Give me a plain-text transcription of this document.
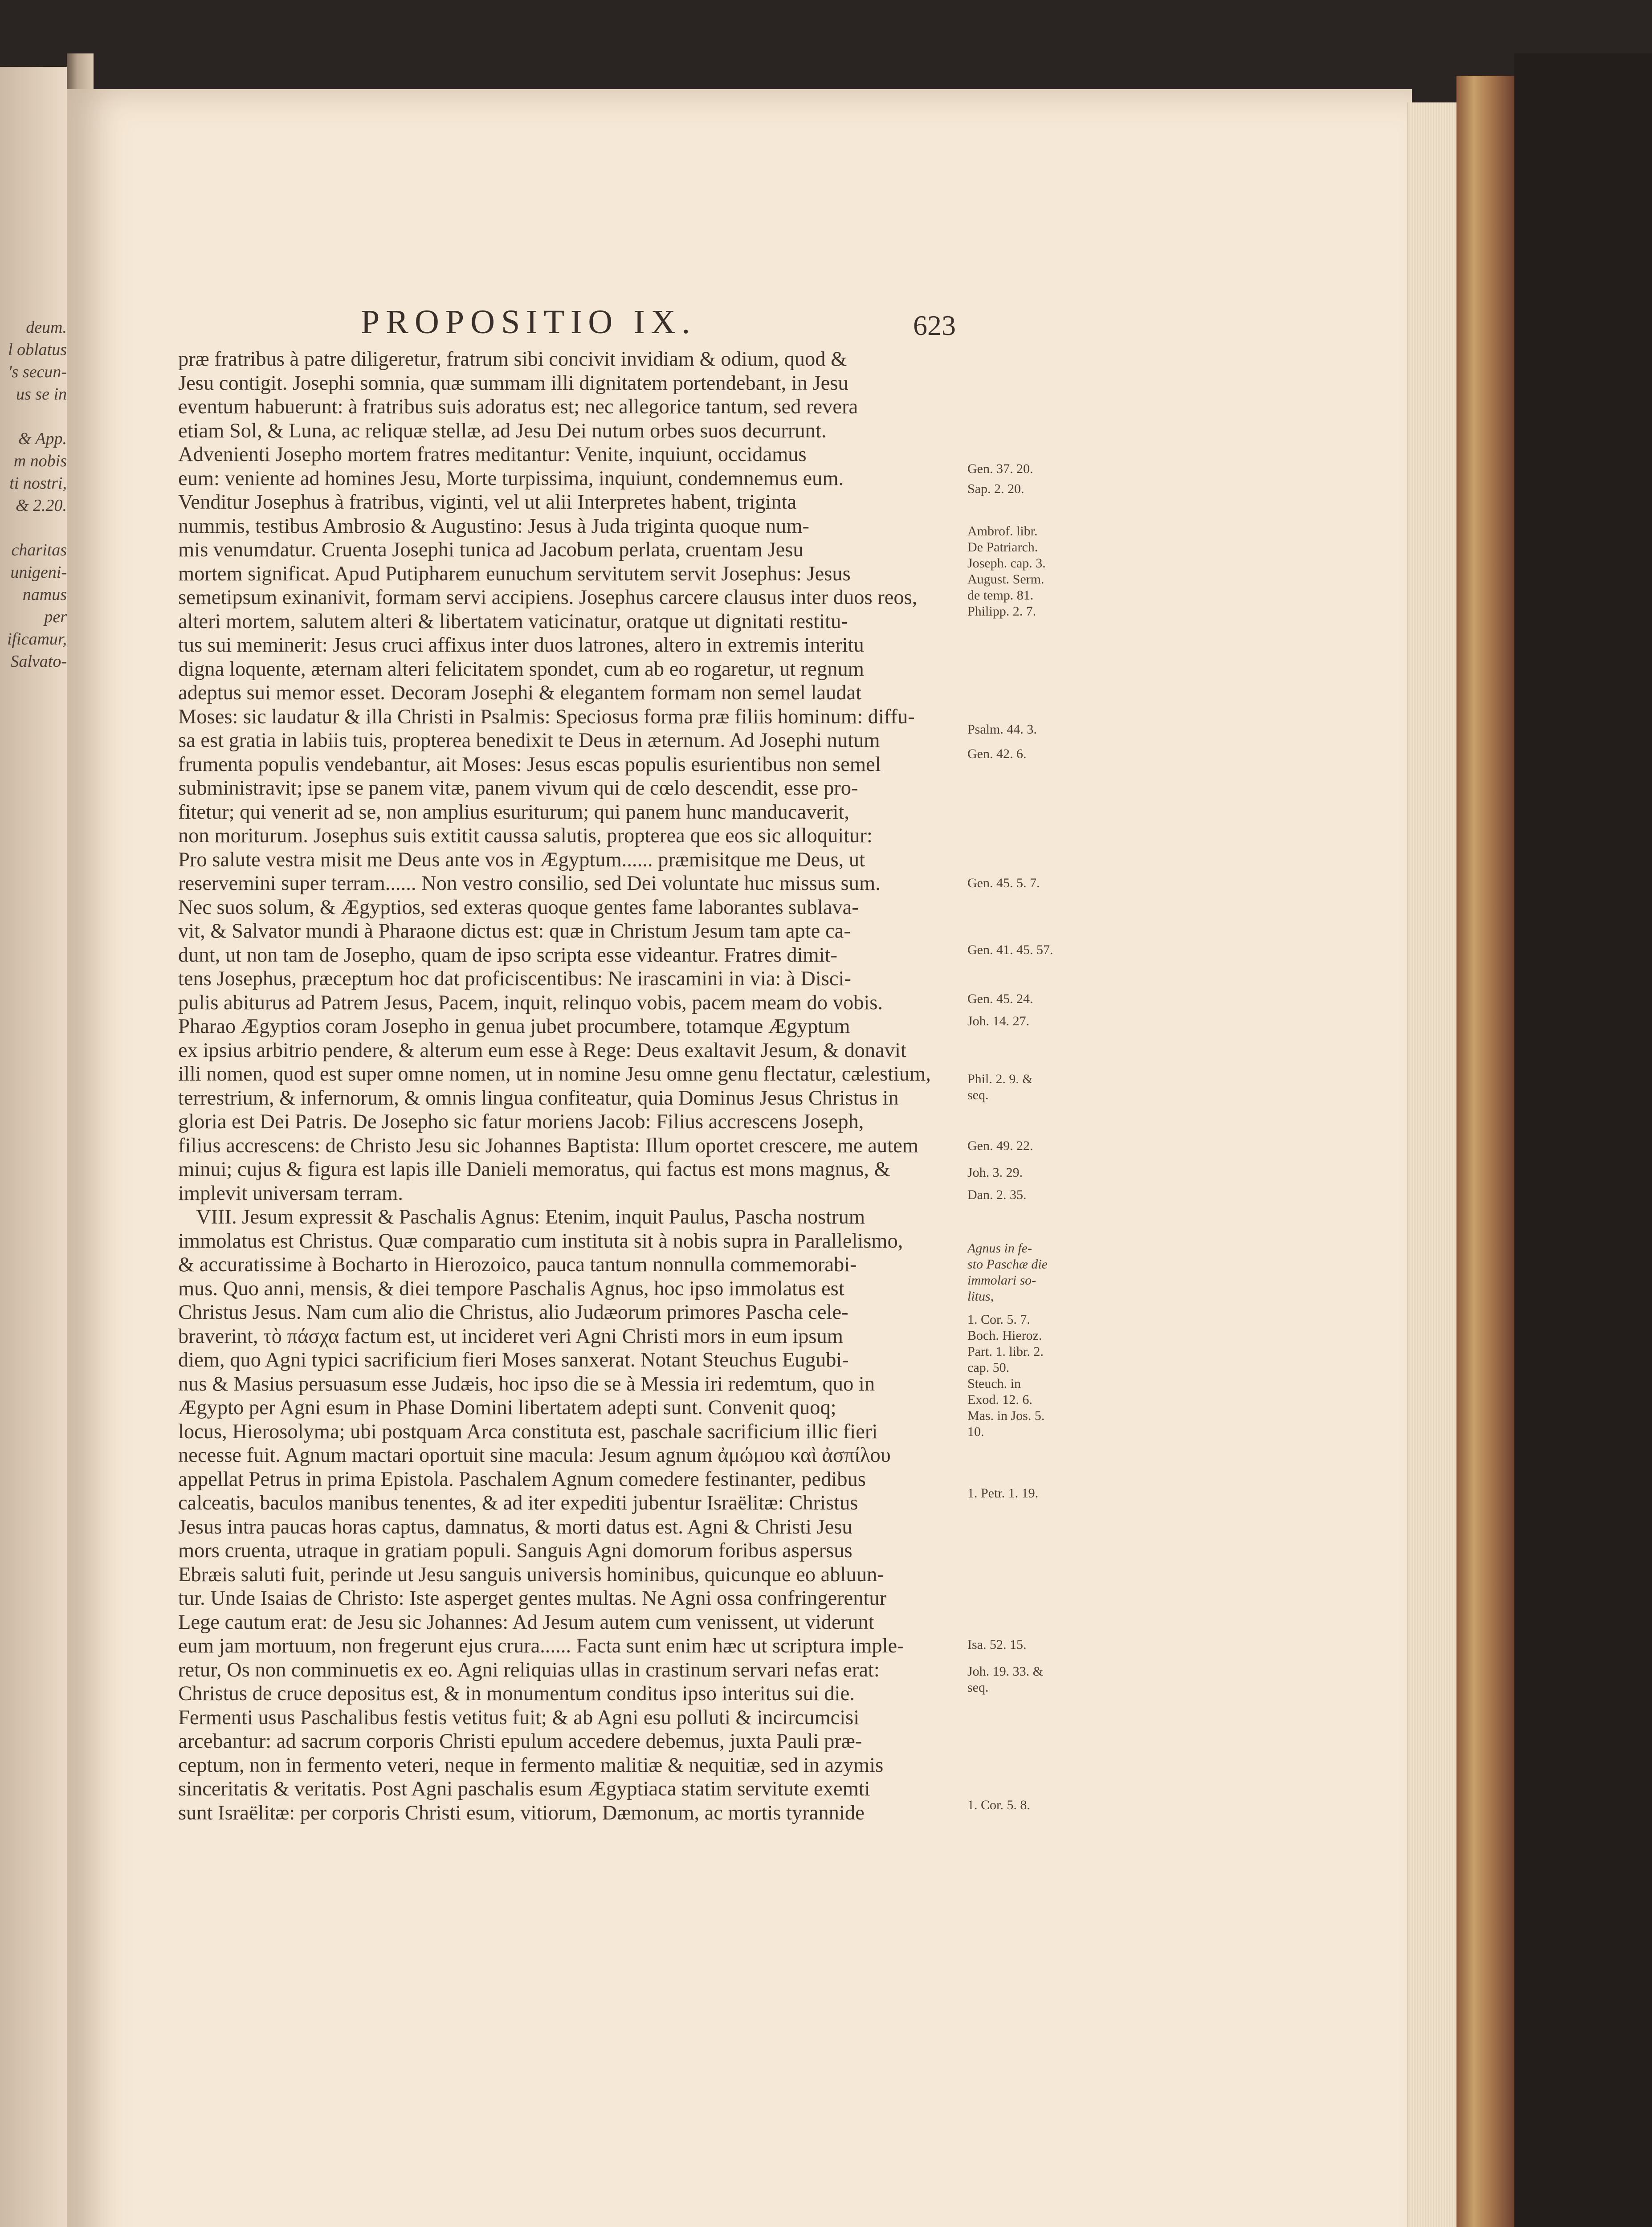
deum.
l oblatus
's secun-
us se in

& App.
m nobis
ti nostri,
& 2.20.

charitas
unigeni-
namus per
ificamur,
Salvato-
PROPOSITIO IX.	623
præ fratribus à patre diligeretur, fratrum sibi concivit invidiam & odium, quod &
Jesu contigit. Josephi somnia, quæ summam illi dignitatem portendebant, in Jesu
eventum habuerunt: à fratribus suis adoratus est; nec allegorice tantum, sed revera
etiam Sol, & Luna, ac reliquæ stellæ, ad Jesu Dei nutum orbes suos decurrunt.
Advenienti Josepho mortem fratres meditantur: Venite, inquiunt, occidamus
eum: veniente ad homines Jesu, Morte turpissima, inquiunt, condemnemus eum.
Venditur Josephus à fratribus, viginti, vel ut alii Interpretes habent, triginta
nummis, testibus Ambrosio & Augustino: Jesus à Juda triginta quoque num-
mis venumdatur. Cruenta Josephi tunica ad Jacobum perlata, cruentam Jesu
mortem significat. Apud Putipharem eunuchum servitutem servit Josephus: Jesus
semetipsum exinanivit, formam servi accipiens. Josephus carcere clausus inter duos reos,
alteri mortem, salutem alteri & libertatem vaticinatur, oratque ut dignitati restitu-
tus sui meminerit: Jesus cruci affixus inter duos latrones, altero in extremis interitu
digna loquente, æternam alteri felicitatem spondet, cum ab eo rogaretur, ut regnum
adeptus sui memor esset. Decoram Josephi & elegantem formam non semel laudat
Moses: sic laudatur & illa Christi in Psalmis: Speciosus forma præ filiis hominum: diffu-
sa est gratia in labiis tuis, propterea benedixit te Deus in æternum. Ad Josephi nutum
frumenta populis vendebantur, ait Moses: Jesus escas populis esurientibus non semel
subministravit; ipse se panem vitæ, panem vivum qui de cœlo descendit, esse pro-
fitetur; qui venerit ad se, non amplius esuriturum; qui panem hunc manducaverit,
non moriturum. Josephus suis extitit caussa salutis, propterea que eos sic alloquitur:
Pro salute vestra misit me Deus ante vos in Ægyptum...... præmisitque me Deus, ut
reservemini super terram...... Non vestro consilio, sed Dei voluntate huc missus sum.
Nec suos solum, & Ægyptios, sed exteras quoque gentes fame laborantes sublava-
vit, & Salvator mundi à Pharaone dictus est: quæ in Christum Jesum tam apte ca-
dunt, ut non tam de Josepho, quam de ipso scripta esse videantur. Fratres dimit-
tens Josephus, præceptum hoc dat proficiscentibus: Ne irascamini in via: à Disci-
pulis abiturus ad Patrem Jesus, Pacem, inquit, relinquo vobis, pacem meam do vobis.
Pharao Ægyptios coram Josepho in genua jubet procumbere, totamque Ægyptum
ex ipsius arbitrio pendere, & alterum eum esse à Rege: Deus exaltavit Jesum, & donavit
illi nomen, quod est super omne nomen, ut in nomine Jesu omne genu flectatur, cælestium,
terrestrium, & infernorum, & omnis lingua confiteatur, quia Dominus Jesus Christus in
gloria est Dei Patris. De Josepho sic fatur moriens Jacob: Filius accrescens Joseph,
filius accrescens: de Christo Jesu sic Johannes Baptista: Illum oportet crescere, me autem
minui; cujus & figura est lapis ille Danieli memoratus, qui factus est mons magnus, &
implevit universam terram.
VIII. Jesum expressit & Paschalis Agnus: Etenim, inquit Paulus, Pascha nostrum
immolatus est Christus. Quæ comparatio cum instituta sit à nobis supra in Parallelismo,
& accuratissime à Bocharto in Hierozoico, pauca tantum nonnulla commemorabi-
mus. Quo anni, mensis, & diei tempore Paschalis Agnus, hoc ipso immolatus est
Christus Jesus. Nam cum alio die Christus, alio Judæorum primores Pascha cele-
braverint, τὸ πάσχα factum est, ut incideret veri Agni Christi mors in eum ipsum
diem, quo Agni typici sacrificium fieri Moses sanxerat. Notant Steuchus Eugubi-
nus & Masius persuasum esse Judæis, hoc ipso die se à Messia iri redemtum, quo in
Ægypto per Agni esum in Phase Domini libertatem adepti sunt. Convenit quoq;
locus, Hierosolyma; ubi postquam Arca constituta est, paschale sacrificium illic fieri
necesse fuit. Agnum mactari oportuit sine macula: Jesum agnum ἀμώμου καὶ ἀσπίλου
appellat Petrus in prima Epistola. Paschalem Agnum comedere festinanter, pedibus
calceatis, baculos manibus tenentes, & ad iter expediti jubentur Israëlitæ: Christus
Jesus intra paucas horas captus, damnatus, & morti datus est. Agni & Christi Jesu
mors cruenta, utraque in gratiam populi. Sanguis Agni domorum foribus aspersus
Ebræis saluti fuit, perinde ut Jesu sanguis universis hominibus, quicunque eo abluun-
tur. Unde Isaias de Christo: Iste asperget gentes multas. Ne Agni ossa confringerentur
Lege cautum erat: de Jesu sic Johannes: Ad Jesum autem cum venissent, ut viderunt
eum jam mortuum, non fregerunt ejus crura...... Facta sunt enim hæc ut scriptura imple-
retur, Os non comminuetis ex eo. Agni reliquias ullas in crastinum servari nefas erat:
Christus de cruce depositus est, & in monumentum conditus ipso interitus sui die.
Fermenti usus Paschalibus festis vetitus fuit; & ab Agni esu polluti & incircumcisi
arcebantur: ad sacrum corporis Christi epulum accedere debemus, juxta Pauli præ-
ceptum, non in fermento veteri, neque in fermento malitiæ & nequitiæ, sed in azymis
sinceritatis & veritatis. Post Agni paschalis esum Ægyptiaca statim servitute exemti
sunt Israëlitæ: per corporis Christi esum, vitiorum, Dæmonum, ac mortis tyrannide
Gen. 37. 20.
Sap. 2. 20.
Ambrof. libr.
De Patriarch.
Joseph. cap. 3.
August. Serm.
de temp. 81.
Philipp. 2. 7.
Psalm. 44. 3.
Gen. 42. 6.
Gen. 45. 5. 7.
Gen. 41. 45. 57.
Gen. 45. 24.
Joh. 14. 27.
Phil. 2. 9. &
seq.
Gen. 49. 22.
Joh. 3. 29.
Dan. 2. 35.
Agnus in fe-
sto Paschæ die
immolari so-
litus,
1. Cor. 5. 7.
Boch. Hieroz.
Part. 1. libr. 2.
cap. 50.
Steuch. in
Exod. 12. 6.
Mas. in Jos. 5.
10.
1. Petr. 1. 19.
Isa. 52. 15.
Joh. 19. 33. &
seq.
1. Cor. 5. 8.
